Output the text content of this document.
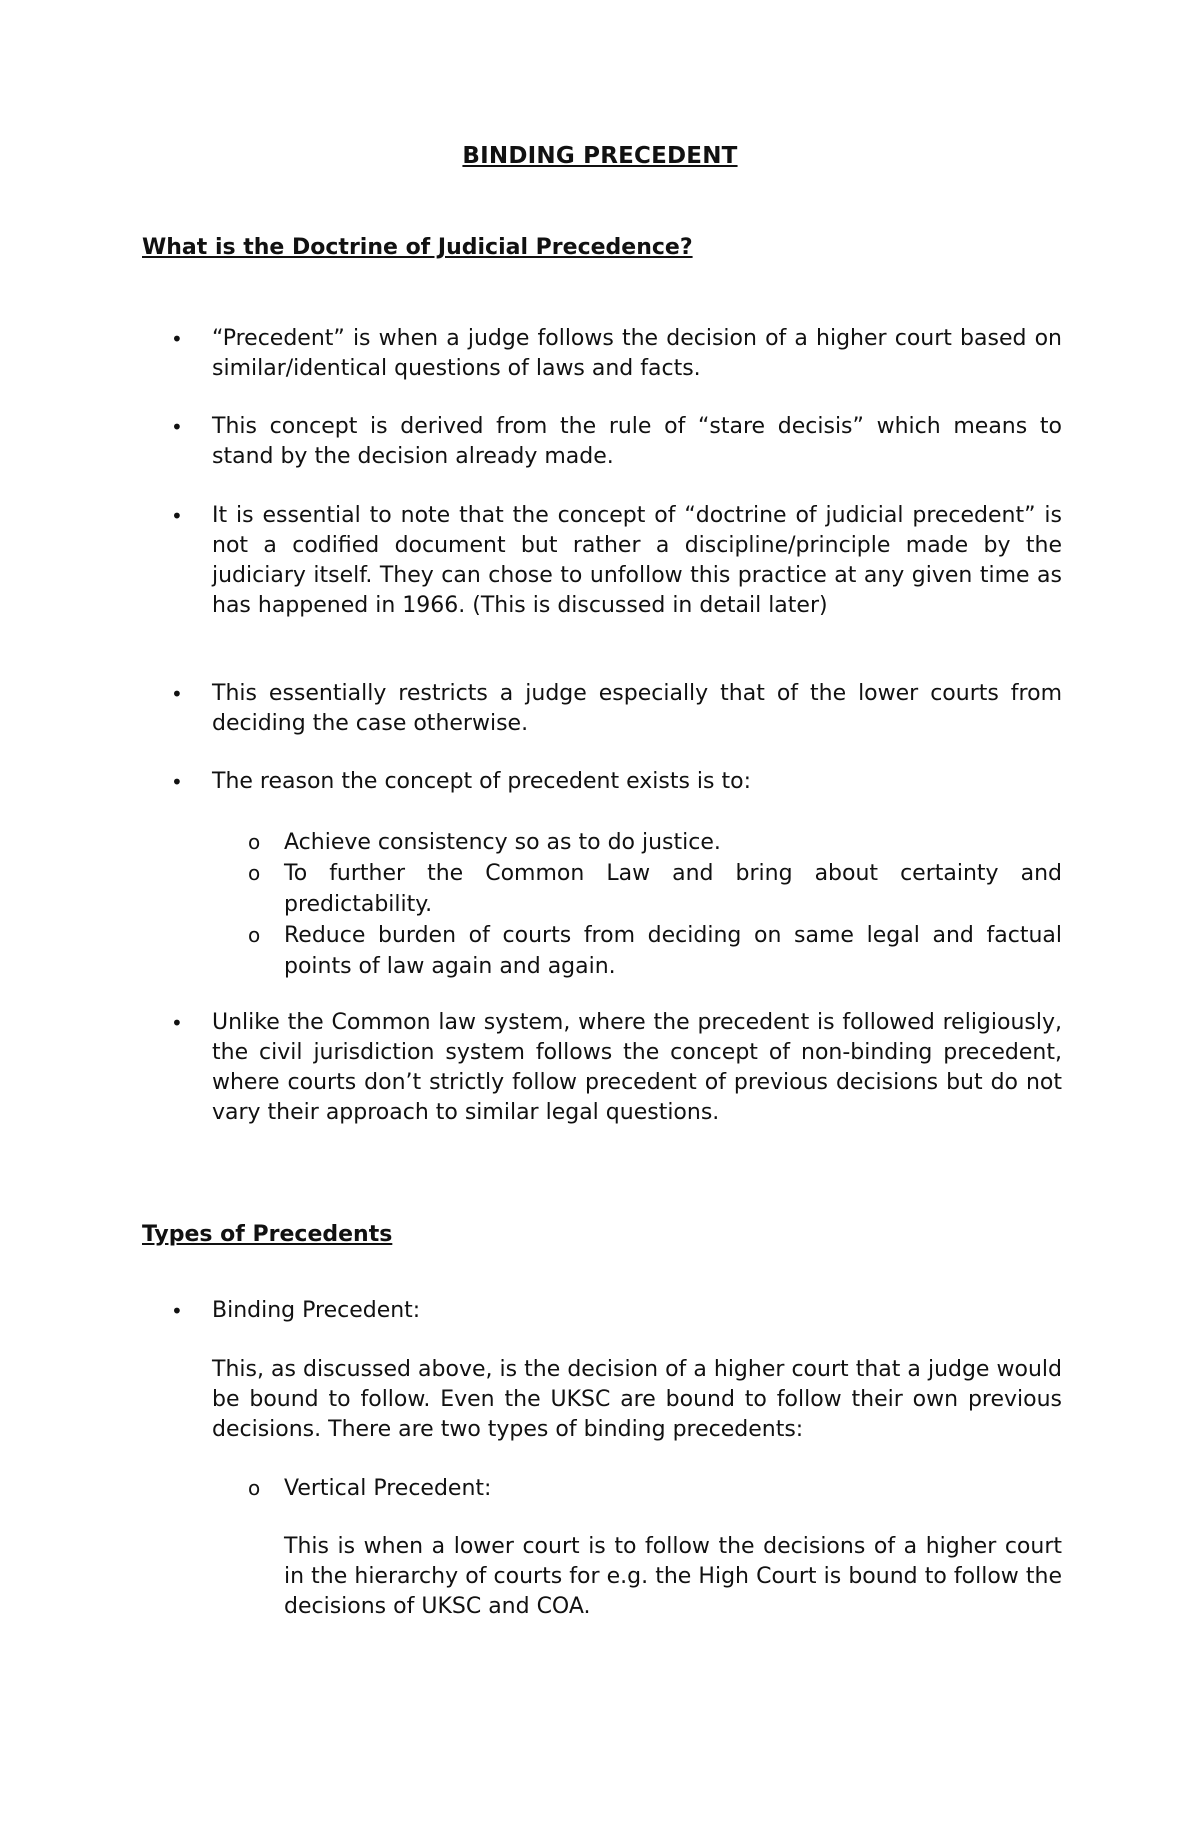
BINDING PRECEDENT
What is the Doctrine of Judicial Precedence?
• “Precedent” is when a judge follows the decision of a higher court based on similar/identical questions of laws and facts.
• This concept is derived from the rule of “stare decisis” which means to stand by the decision already made.
• It is essential to note that the concept of “doctrine of judicial precedent” is not a codified document but rather a discipline/principle made by the judiciary itself. They can chose to unfollow this practice at any given time as has happened in 1966. (This is discussed in detail later)
• This essentially restricts a judge especially that of the lower courts from deciding the case otherwise.
• The reason the concept of precedent exists is to:
o Achieve consistency so as to do justice.
o To further the Common Law and bring about certainty and predictability.
o Reduce burden of courts from deciding on same legal and factual points of law again and again.
• Unlike the Common law system, where the precedent is followed religiously, the civil jurisdiction system follows the concept of non-binding precedent, where courts don’t strictly follow precedent of previous decisions but do not vary their approach to similar legal questions.
Types of Precedents
• Binding Precedent:
This, as discussed above, is the decision of a higher court that a judge would be bound to follow. Even the UKSC are bound to follow their own previous decisions. There are two types of binding precedents:
o Vertical Precedent:
This is when a lower court is to follow the decisions of a higher court in the hierarchy of courts for e.g. the High Court is bound to follow the decisions of UKSC and COA.
